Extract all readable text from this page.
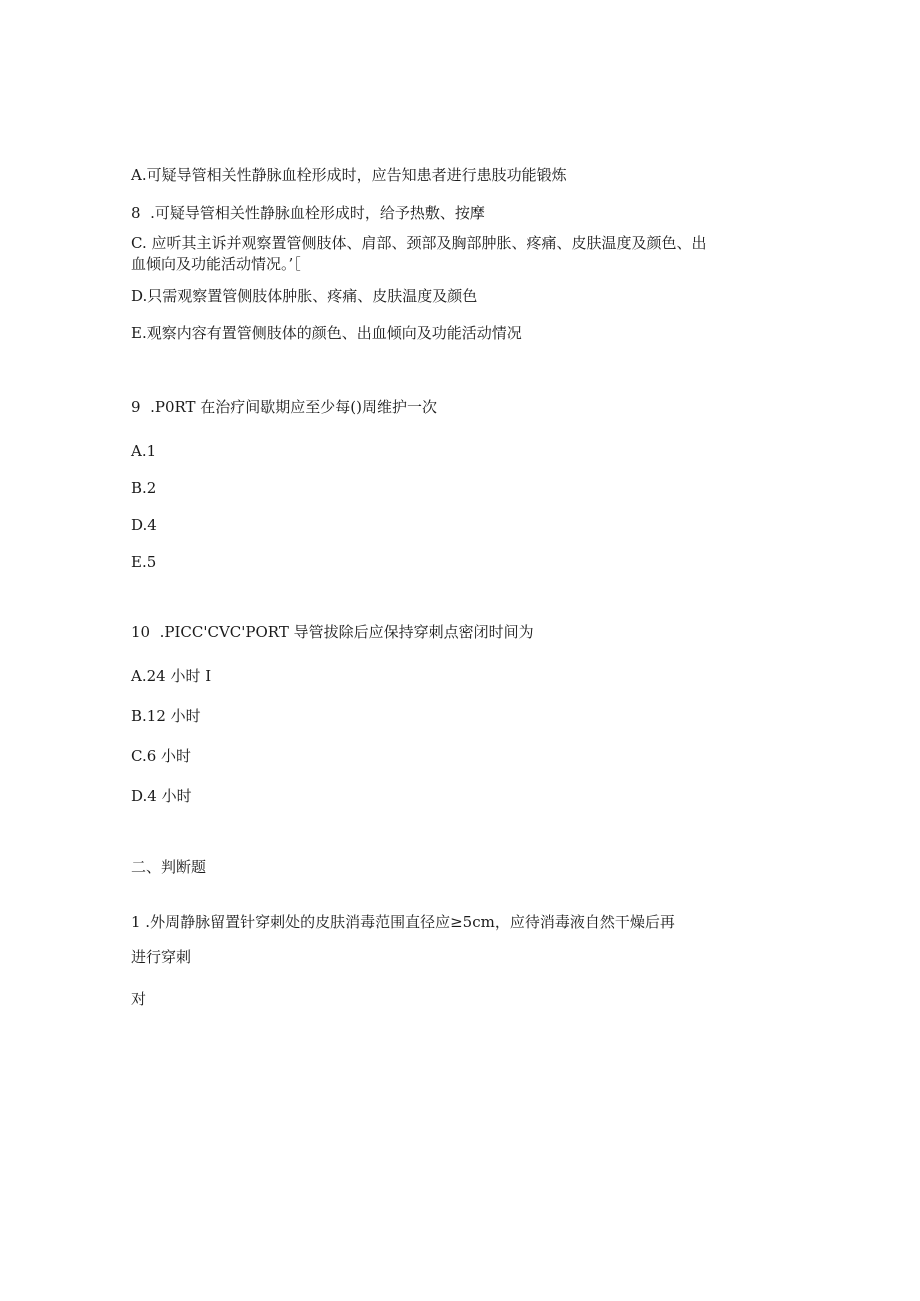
A.可疑导管相关性静脉血栓形成时，应告知患者进行患肢功能锻炼
8  .可疑导管相关性静脉血栓形成时，给予热敷、按摩
C. 应听其主诉并观察置管侧肢体、肩部、颈部及胸部肿胀、疼痛、皮肤温度及颜色、出
血倾向及功能活动情况。’［
D.只需观察置管侧肢体肿胀、疼痛、皮肤温度及颜色
E.观察内容有置管侧肢体的颜色、出血倾向及功能活动情况
9  .P0RT 在治疗间歇期应至少每()周维护一次
A.1
B.2
D.4
E.5
10  .PICC'CVC'PORT 导管拔除后应保持穿刺点密闭时间为
A.24 小时 I
B.12 小时
C.6 小时
D.4 小时
二、判断题
1 .外周静脉留置针穿刺处的皮肤消毒范围直径应≥5cm，应待消毒液自然干燥后再
进行穿刺
对
